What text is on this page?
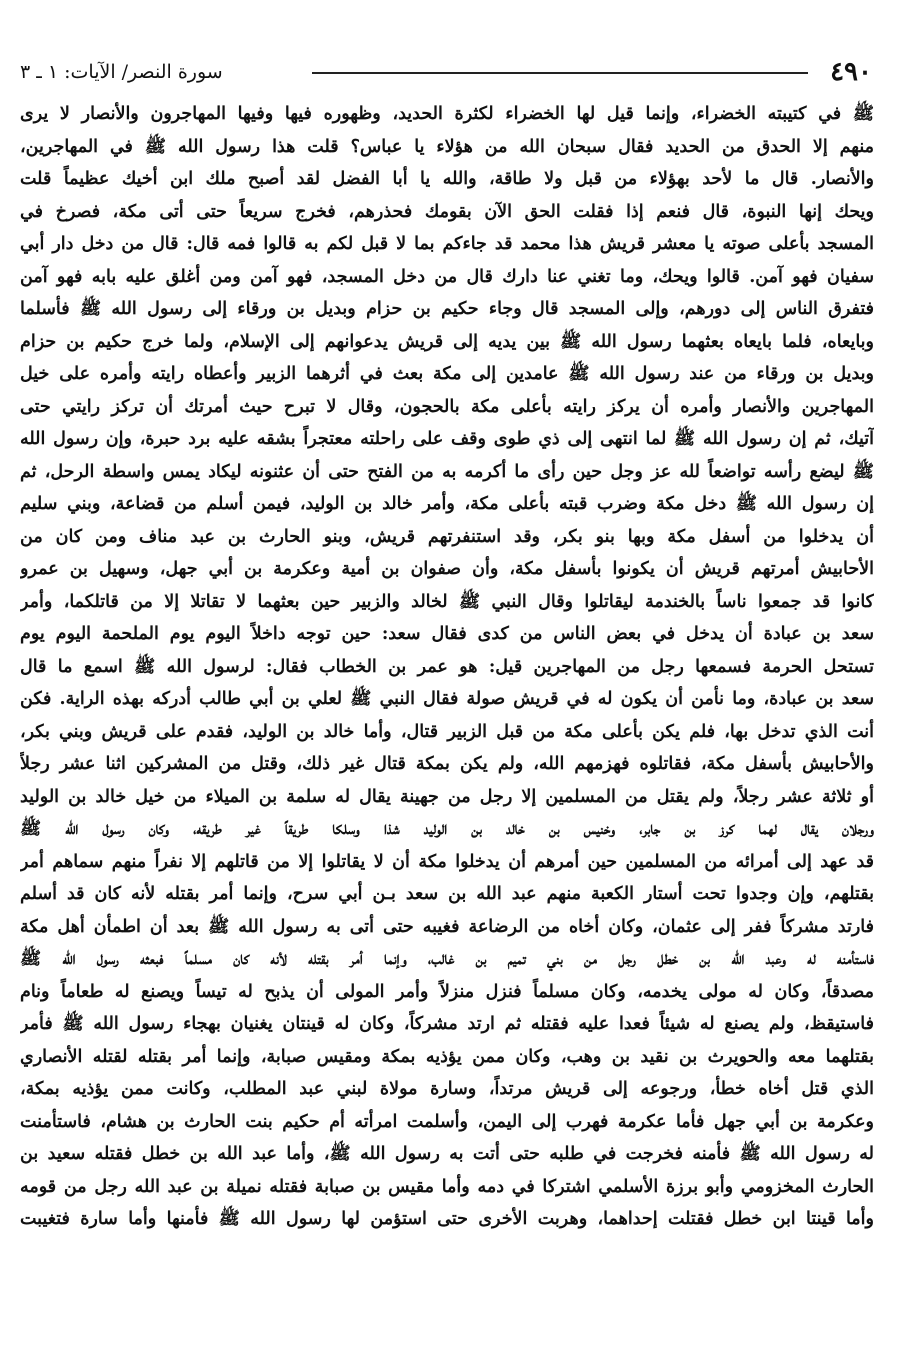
٤٩٠
سورة النصر/ الآيات: ١ ـ ٣
ﷺ في كتيبته الخضراء، وإنما قيل لها الخضراء لكثرة الحديد، وظهوره فيها وفيها المهاجرون والأنصار لا يرى
منهم إلا الحدق من الحديد فقال سبحان الله من هؤلاء يا عباس؟ قلت هذا رسول الله ﷺ في المهاجرين،
والأنصار. قال ما لأحد بهؤلاء من قبل ولا طاقة، والله يا أبا الفضل لقد أصبح ملك ابن أخيك عظيماً قلت
ويحك إنها النبوة، قال فنعم إذا فقلت الحق الآن بقومك فحذرهم، فخرج سريعاً حتى أتى مكة، فصرخ في
المسجد بأعلى صوته يا معشر قريش هذا محمد قد جاءكم بما لا قبل لكم به قالوا فمه قال: قال من دخل دار أبي
سفيان فهو آمن. قالوا ويحك، وما تغني عنا دارك قال من دخل المسجد، فهو آمن ومن أغلق عليه بابه فهو آمن
فتفرق الناس إلى دورهم، وإلى المسجد قال وجاء حكيم بن حزام وبديل بن ورقاء إلى رسول الله ﷺ فأسلما
وبايعاه، فلما بايعاه بعثهما رسول الله ﷺ بين يديه إلى قريش يدعوانهم إلى الإسلام، ولما خرج حكيم بن حزام
وبديل بن ورقاء من عند رسول الله ﷺ عامدين إلى مكة بعث في أثرهما الزبير وأعطاه رايته وأمره على خيل
المهاجرين والأنصار وأمره أن يركز رايته بأعلى مكة بالحجون، وقال لا تبرح حيث أمرتك أن تركز رايتي حتى
آتيك، ثم إن رسول الله ﷺ لما انتهى إلى ذي طوى وقف على راحلته معتجراً بشقه عليه برد حبرة، وإن رسول الله
ﷺ ليضع رأسه تواضعاً لله عز وجل حين رأى ما أكرمه به من الفتح حتى أن عثنونه ليكاد يمس واسطة الرحل، ثم
إن رسول الله ﷺ دخل مكة وضرب قبته بأعلى مكة، وأمر خالد بن الوليد، فيمن أسلم من قضاعة، وبني سليم
أن يدخلوا من أسفل مكة وبها بنو بكر، وقد استنفرتهم قريش، وبنو الحارث بن عبد مناف ومن كان من
الأحابيش أمرتهم قريش أن يكونوا بأسفل مكة، وأن صفوان بن أمية وعكرمة بن أبي جهل، وسهيل بن عمرو
كانوا قد جمعوا ناساً بالخندمة ليقاتلوا وقال النبي ﷺ لخالد والزبير حين بعثهما لا تقاتلا إلا من قاتلكما، وأمر
سعد بن عبادة أن يدخل في بعض الناس من كدى فقال سعد: حين توجه داخلاً اليوم يوم الملحمة اليوم يوم
تستحل الحرمة فسمعها رجل من المهاجرين قيل: هو عمر بن الخطاب فقال: لرسول الله ﷺ اسمع ما قال
سعد بن عبادة، وما نأمن أن يكون له في قريش صولة فقال النبي ﷺ لعلي بن أبي طالب أدركه بهذه الراية. فكن
أنت الذي تدخل بها، فلم يكن بأعلى مكة من قبل الزبير قتال، وأما خالد بن الوليد، فقدم على قريش وبني بكر،
والأحابيش بأسفل مكة، فقاتلوه فهزمهم الله، ولم يكن بمكة قتال غير ذلك، وقتل من المشركين اثنا عشر رجلاً
أو ثلاثة عشر رجلاً، ولم يقتل من المسلمين إلا رجل من جهينة يقال له سلمة بن الميلاء من خيل خالد بن الوليد
ورجلان يقال لهما كرز بن جابر، وخنيس بن خالد بن الوليد شذا وسلكا طريقاً غير طريقه، وكان رسول الله ﷺ
قد عهد إلى أمرائه من المسلمين حين أمرهم أن يدخلوا مكة أن لا يقاتلوا إلا من قاتلهم إلا نفراً منهم سماهم أمر
بقتلهم، وإن وجدوا تحت أستار الكعبة منهم عبد الله بن سعد بـن أبي سرح، وإنما أمر بقتله لأنه كان قد أسلم
فارتد مشركاً ففر إلى عثمان، وكان أخاه من الرضاعة فغيبه حتى أتى به رسول الله ﷺ بعد أن اطمأن أهل مكة
فاستأمنه له وعبد الله بن خطل رجل من بني تميم بن غالب، وإنما أمر بقتله لأنه كان مسلماً فبعثه رسول الله ﷺ
مصدقاً، وكان له مولى يخدمه، وكان مسلماً فنزل منزلاً وأمر المولى أن يذبح له تيساً ويصنع له طعاماً ونام
فاستيقظ، ولم يصنع له شيئاً فعدا عليه فقتله ثم ارتد مشركاً، وكان له قينتان يغنيان بهجاء رسول الله ﷺ فأمر
بقتلهما معه والحويرث بن نقيد بن وهب، وكان ممن يؤذيه بمكة ومقيس صبابة، وإنما أمر بقتله لقتله الأنصاري
الذي قتل أخاه خطأ، ورجوعه إلى قريش مرتداً، وسارة مولاة لبني عبد المطلب، وكانت ممن يؤذيه بمكة،
وعكرمة بن أبي جهل فأما عكرمة فهرب إلى اليمن، وأسلمت امرأته أم حكيم بنت الحارث بن هشام، فاستأمنت
له رسول الله ﷺ فأمنه فخرجت في طلبه حتى أتت به رسول الله ﷺ، وأما عبد الله بن خطل فقتله سعيد بن
الحارث المخزومي وأبو برزة الأسلمي اشتركا في دمه وأما مقيس بن صبابة فقتله نميلة بن عبد الله رجل من قومه
وأما قينتا ابن خطل فقتلت إحداهما، وهربت الأخرى حتى استؤمن لها رسول الله ﷺ فأمنها وأما سارة فتغيبت
